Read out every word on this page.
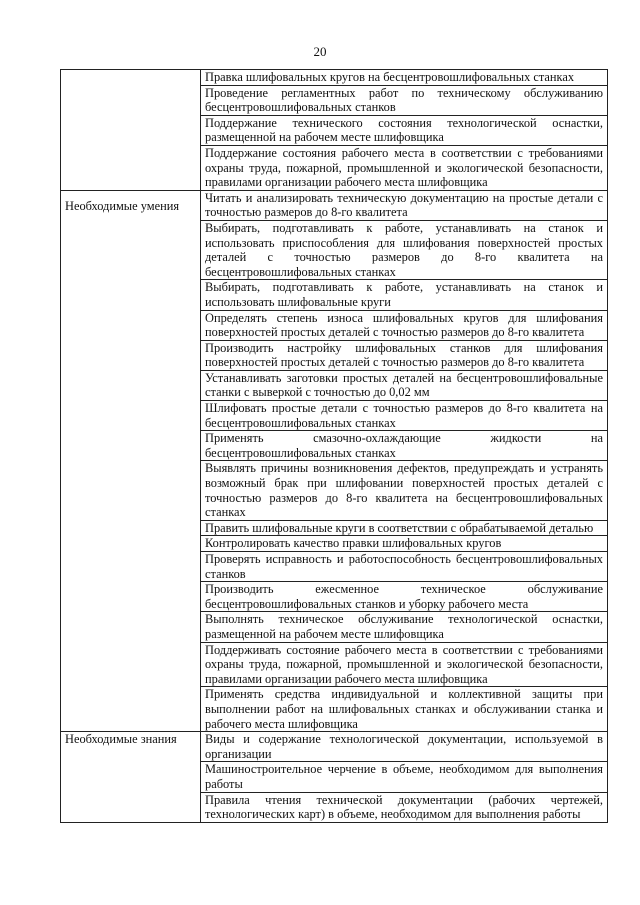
20
	Правка шлифовальных кругов на бесцентровошлифовальных станках
	Проведение регламентных работ по техническому обслуживанию бесцентровошлифовальных станков
	Поддержание технического состояния технологической оснастки, размещенной на рабочем месте шлифовщика
	Поддержание состояния рабочего места в соответствии с требованиями охраны труда, пожарной, промышленной и экологической безопасности, правилами организации рабочего места шлифовщика

Необходимые умения	Читать и анализировать техническую документацию на простые детали с точностью размеров до 8-го квалитета
	Выбирать, подготавливать к работе, устанавливать на станок и использовать приспособления для шлифования поверхностей простых деталей с точностью размеров до 8-го квалитета на бесцентровошлифовальных станках
	Выбирать, подготавливать к работе, устанавливать на станок и использовать шлифовальные круги
	Определять степень износа шлифовальных кругов для шлифования поверхностей простых деталей с точностью размеров до 8-го квалитета
	Производить настройку шлифовальных станков для шлифования поверхностей простых деталей с точностью размеров до 8-го квалитета
	Устанавливать заготовки простых деталей на бесцентровошлифовальные станки с выверкой с точностью до 0,02 мм
	Шлифовать простые детали с точностью размеров до 8-го квалитета на бесцентровошлифовальных станках
	Применять смазочно-охлаждающие жидкости на бесцентровошлифовальных станках
	Выявлять причины возникновения дефектов, предупреждать и устранять возможный брак при шлифовании поверхностей простых деталей с точностью размеров до 8-го квалитета на бесцентровошлифовальных станках
	Править шлифовальные круги в соответствии с обрабатываемой деталью
	Контролировать качество правки шлифовальных кругов
	Проверять исправность и работоспособность бесцентровошлифовальных станков
	Производить ежесменное техническое обслуживание бесцентровошлифовальных станков и уборку рабочего места
	Выполнять техническое обслуживание технологической оснастки, размещенной на рабочем месте шлифовщика
	Поддерживать состояние рабочего места в соответствии с требованиями охраны труда, пожарной, промышленной и экологической безопасности, правилами организации рабочего места шлифовщика
	Применять средства индивидуальной и коллективной защиты при выполнении работ на шлифовальных станках и обслуживании станка и рабочего места шлифовщика

Необходимые знания	Виды и содержание технологической документации, используемой в организации
	Машиностроительное черчение в объеме, необходимом для выполнения работы
	Правила чтения технической документации (рабочих чертежей, технологических карт) в объеме, необходимом для выполнения работы
